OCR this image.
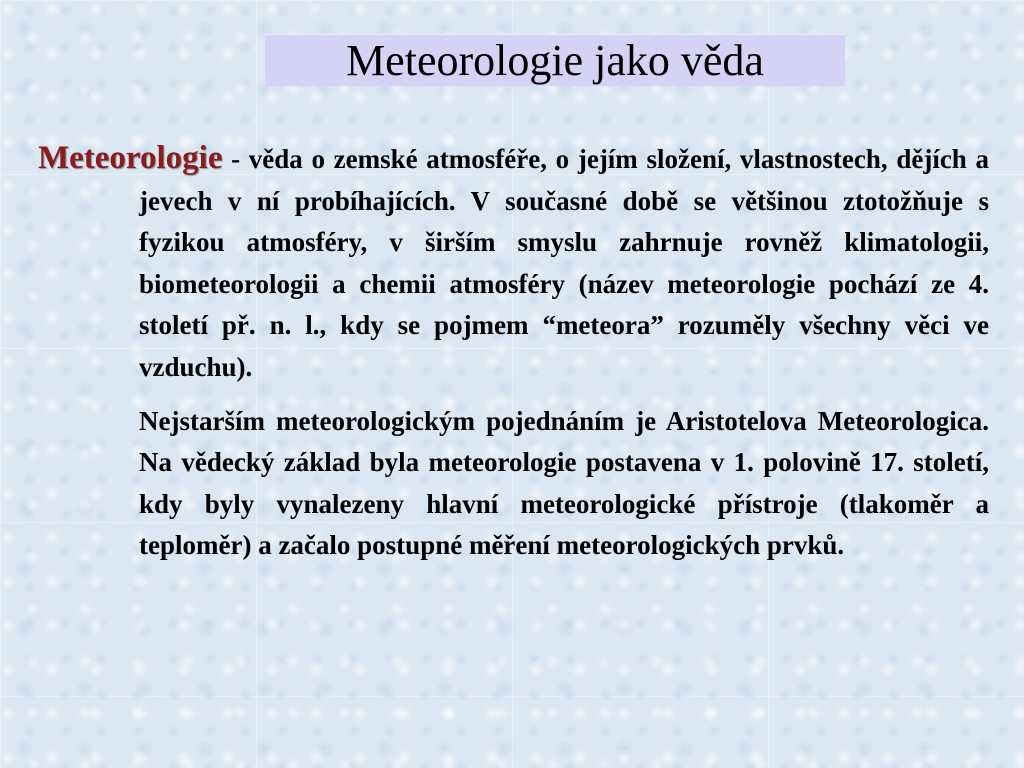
Meteorologie jako věda

Meteorologie - věda o zemské atmosféře, o jejím složení, vlastnostech, dějích a jevech v ní probíhajících. V současné době se většinou ztotožňuje s fyzikou atmosféry, v širším smyslu zahrnuje rovněž klimatologii, biometeorologii a chemii atmosféry (název meteorologie pochází ze 4. století př. n. l., kdy se pojmem “meteora” rozuměly všechny věci ve vzduchu).

Nejstarším meteorologickým pojednáním je Aristotelova Meteorologica. Na vědecký základ byla meteorologie postavena v 1. polovině 17. století, kdy byly vynalezeny hlavní meteorologické přístroje (tlakoměr a teploměr) a začalo postupné měření meteorologických prvků.
